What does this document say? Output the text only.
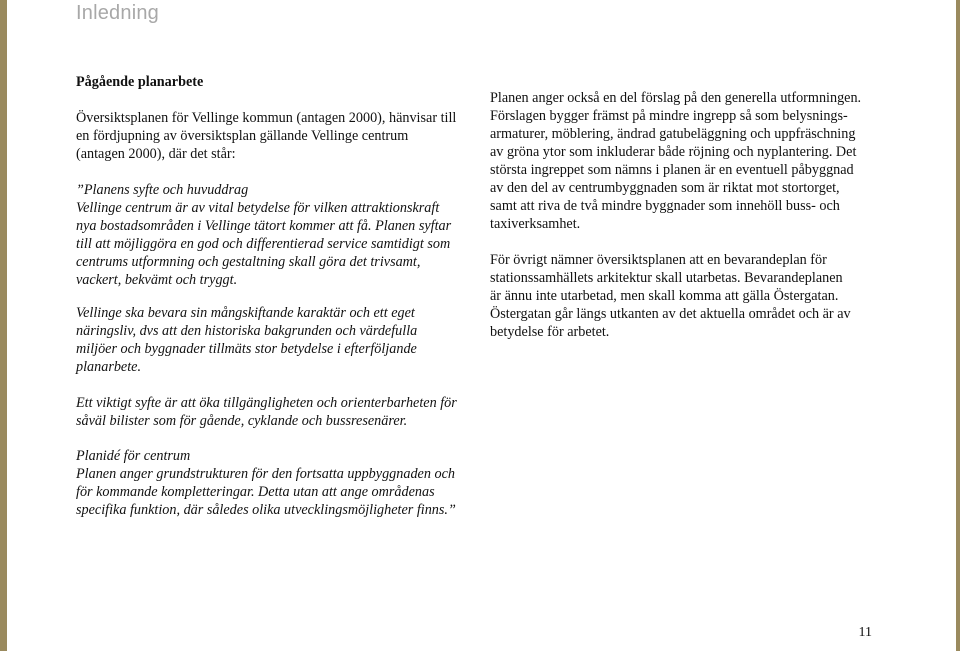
Inledning
Pågående planarbete

Översiktsplanen för Vellinge kommun (antagen 2000), hänvisar till

en fördjupning av översiktsplan gällande Vellinge centrum

(antagen 2000), där det står:

”Planens syfte och huvuddrag

Vellinge centrum är av vital betydelse för vilken attraktionskraft

nya bostadsområden i Vellinge tätort kommer att få. Planen syftar

till att möjliggöra en god och differentierad service samtidigt som

centrums utformning och gestaltning skall göra det trivsamt,

vackert, bekvämt och tryggt.

Vellinge ska bevara sin mångskiftande karaktär och ett eget

näringsliv, dvs att den historiska bakgrunden och värdefulla

miljöer och byggnader tillmäts stor betydelse i efterföljande

planarbete.

Ett viktigt syfte är att öka tillgängligheten och orienterbarheten för

såväl bilister som för gående, cyklande och bussresenärer.

Planidé för centrum

Planen anger grundstrukturen för den fortsatta uppbyggnaden och

för kommande kompletteringar. Detta utan att ange områdenas

specifika funktion, där således olika utvecklingsmöjligheter finns.”

Planen anger också en del förslag på den generella utformningen.

Förslagen bygger främst på mindre ingrepp så som belysnings-

armaturer, möblering, ändrad gatubeläggning och uppfräschning

av gröna ytor som inkluderar både röjning och nyplantering. Det

största ingreppet som nämns i planen är en eventuell påbyggnad

av den del av centrumbyggnaden som är riktat mot stortorget,

samt att riva de två mindre byggnader som innehöll buss- och

taxiverksamhet.

För övrigt nämner översiktsplanen att en bevarandeplan för

stationssamhällets arkitektur skall utarbetas. Bevarandeplanen

är ännu inte utarbetad, men skall komma att gälla Östergatan.

Östergatan går längs utkanten av det aktuella området och är av

betydelse för arbetet.

11
